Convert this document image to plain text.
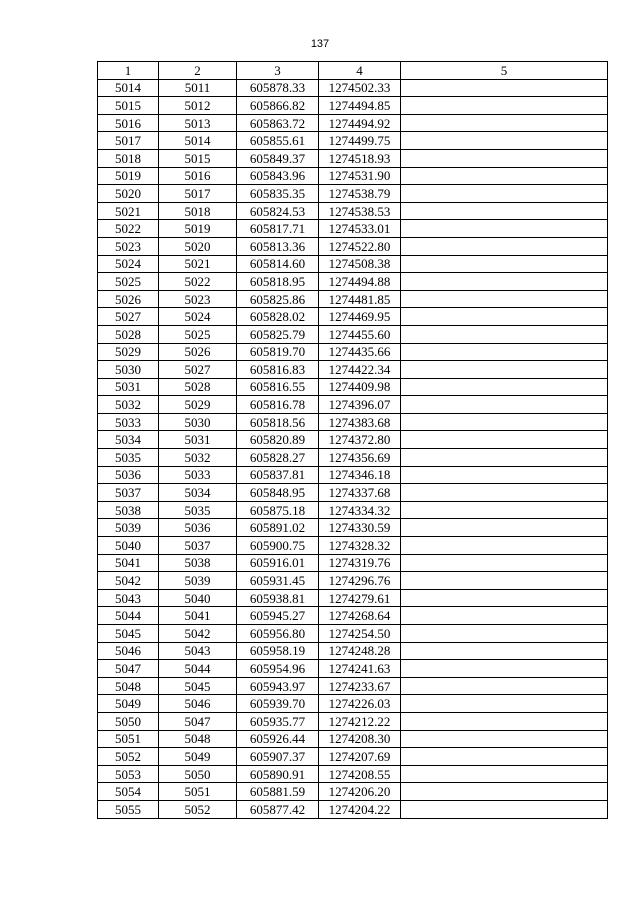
137
1	2	3	4	5
5014	5011	605878.33	1274502.33	
5015	5012	605866.82	1274494.85	
5016	5013	605863.72	1274494.92	
5017	5014	605855.61	1274499.75	
5018	5015	605849.37	1274518.93	
5019	5016	605843.96	1274531.90	
5020	5017	605835.35	1274538.79	
5021	5018	605824.53	1274538.53	
5022	5019	605817.71	1274533.01	
5023	5020	605813.36	1274522.80	
5024	5021	605814.60	1274508.38	
5025	5022	605818.95	1274494.88	
5026	5023	605825.86	1274481.85	
5027	5024	605828.02	1274469.95	
5028	5025	605825.79	1274455.60	
5029	5026	605819.70	1274435.66	
5030	5027	605816.83	1274422.34	
5031	5028	605816.55	1274409.98	
5032	5029	605816.78	1274396.07	
5033	5030	605818.56	1274383.68	
5034	5031	605820.89	1274372.80	
5035	5032	605828.27	1274356.69	
5036	5033	605837.81	1274346.18	
5037	5034	605848.95	1274337.68	
5038	5035	605875.18	1274334.32	
5039	5036	605891.02	1274330.59	
5040	5037	605900.75	1274328.32	
5041	5038	605916.01	1274319.76	
5042	5039	605931.45	1274296.76	
5043	5040	605938.81	1274279.61	
5044	5041	605945.27	1274268.64	
5045	5042	605956.80	1274254.50	
5046	5043	605958.19	1274248.28	
5047	5044	605954.96	1274241.63	
5048	5045	605943.97	1274233.67	
5049	5046	605939.70	1274226.03	
5050	5047	605935.77	1274212.22	
5051	5048	605926.44	1274208.30	
5052	5049	605907.37	1274207.69	
5053	5050	605890.91	1274208.55	
5054	5051	605881.59	1274206.20	
5055	5052	605877.42	1274204.22	
